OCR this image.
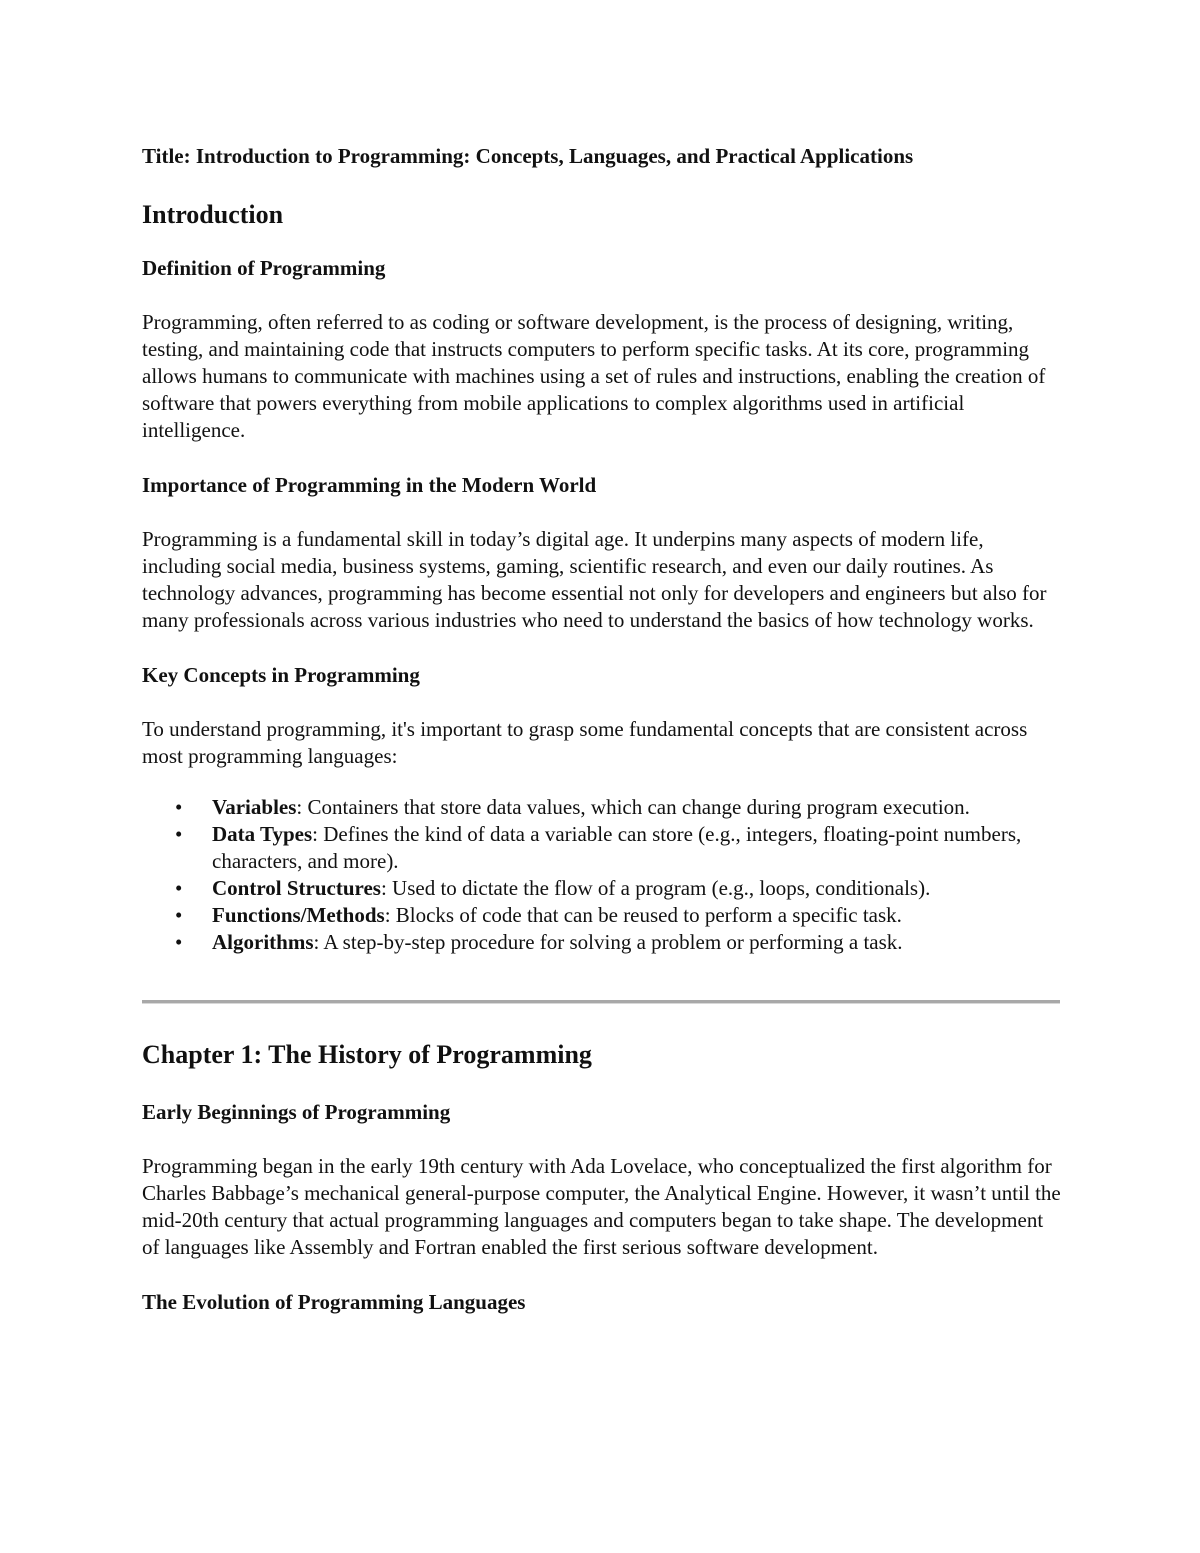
Title: Introduction to Programming: Concepts, Languages, and Practical Applications

Introduction
Definition of Programming

Programming, often referred to as coding or software development, is the process of designing, writing, testing, and maintaining code that instructs computers to perform specific tasks. At its core, programming allows humans to communicate with machines using a set of rules and instructions, enabling the creation of software that powers everything from mobile applications to complex algorithms used in artificial intelligence.

Importance of Programming in the Modern World

Programming is a fundamental skill in today’s digital age. It underpins many aspects of modern life, including social media, business systems, gaming, scientific research, and even our daily routines. As technology advances, programming has become essential not only for developers and engineers but also for many professionals across various industries who need to understand the basics of how technology works.

Key Concepts in Programming

To understand programming, it's important to grasp some fundamental concepts that are consistent across most programming languages:

• Variables: Containers that store data values, which can change during program execution.
• Data Types: Defines the kind of data a variable can store (e.g., integers, floating-point numbers, characters, and more).
• Control Structures: Used to dictate the flow of a program (e.g., loops, conditionals).
• Functions/Methods: Blocks of code that can be reused to perform a specific task.
• Algorithms: A step-by-step procedure for solving a problem or performing a task.
Chapter 1: The History of Programming
Early Beginnings of Programming

Programming began in the early 19th century with Ada Lovelace, who conceptualized the first algorithm for Charles Babbage’s mechanical general-purpose computer, the Analytical Engine. However, it wasn’t until the mid-20th century that actual programming languages and computers began to take shape. The development of languages like Assembly and Fortran enabled the first serious software development.

The Evolution of Programming Languages
